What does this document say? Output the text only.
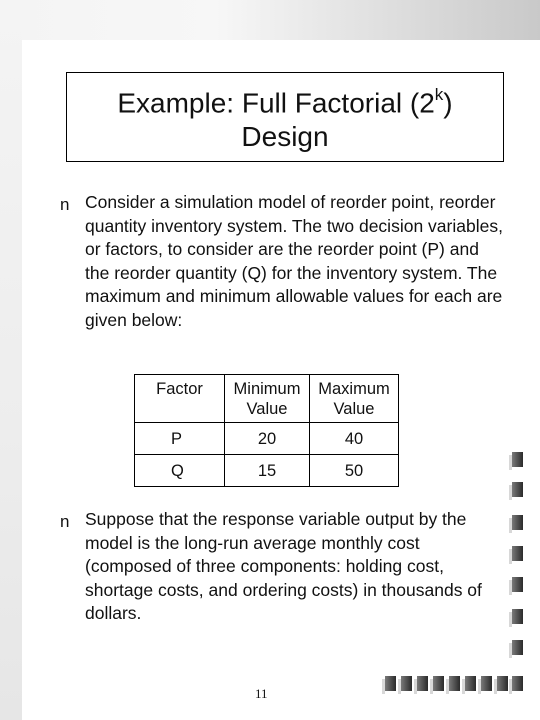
Example: Full Factorial (2$^k$)
Design
n Consider a simulation model of reorder point, reorder quantity inventory system. The two decision variables, or factors, to consider are the reorder point (P) and the reorder quantity (Q) for the inventory system. The maximum and minimum allowable values for each are given below:
Factor	Minimum Value	Maximum Value
P	20	40
Q	15	50
n Suppose that the response variable output by the model is the long-run average monthly cost (composed of three components: holding cost, shortage costs, and ordering costs) in thousands of dollars.
11
